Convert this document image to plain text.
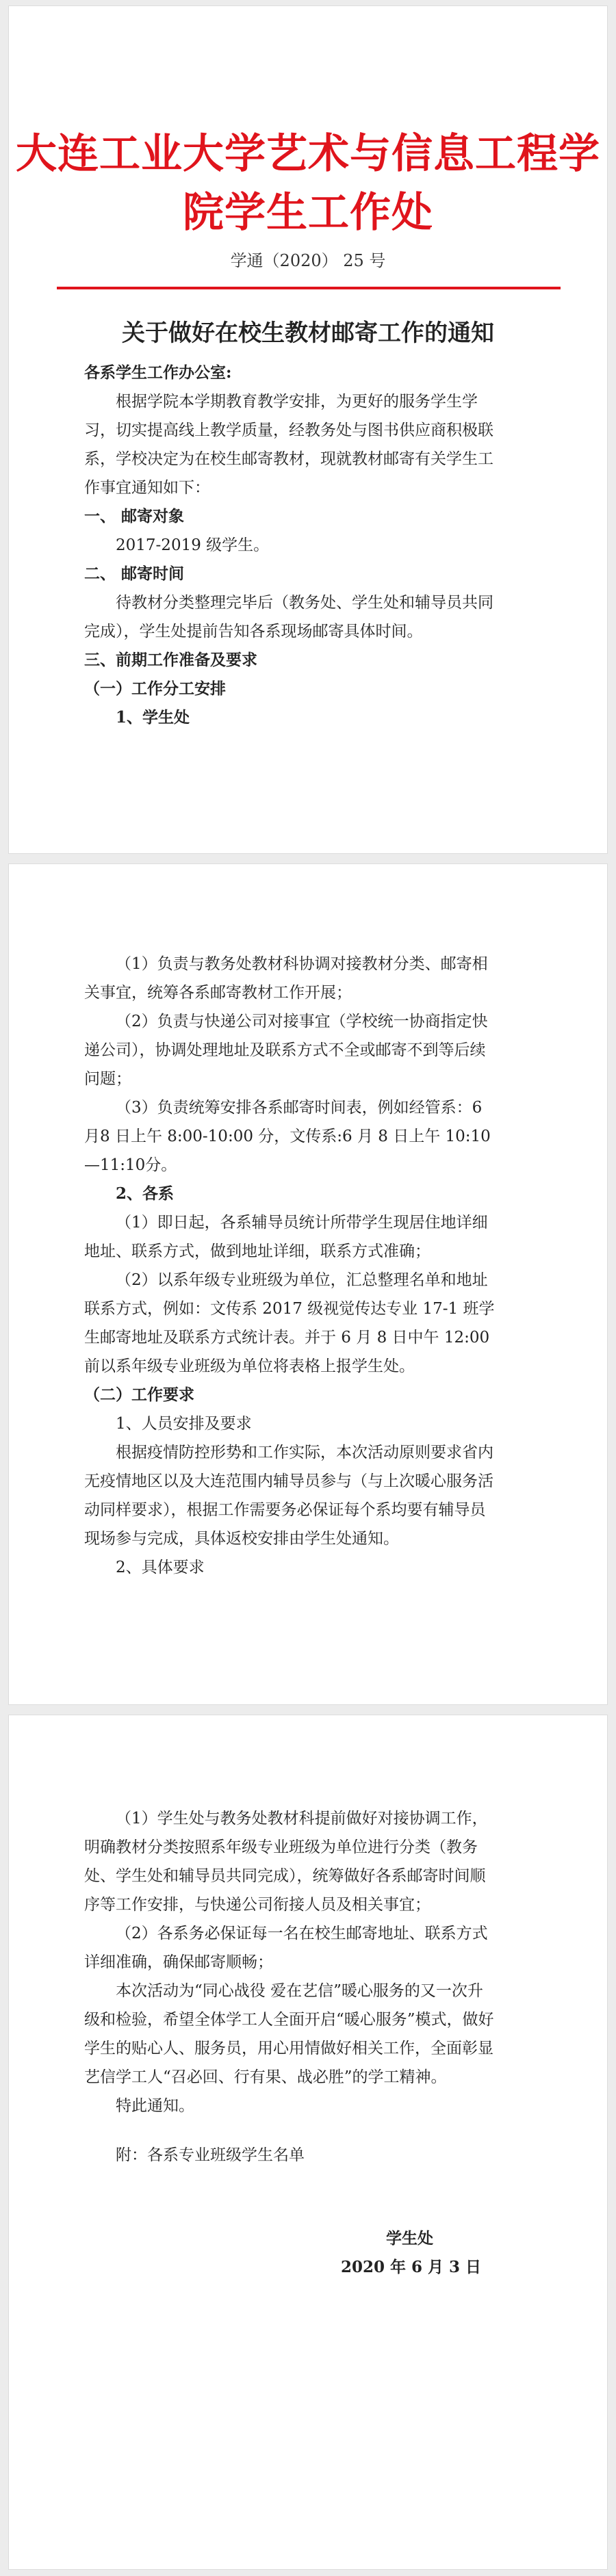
大连工业大学艺术与信息工程学院学生工作处
学通（2020） 25 号
关于做好在校生教材邮寄工作的通知

各系学生工作办公室:

根据学院本学期教育教学安排，为更好的服务学生学习，切实提高线上教学质量，经教务处与图书供应商积极联系，学校决定为在校生邮寄教材，现就教材邮寄有关学生工作事宜通知如下：

一、 邮寄对象

2017-2019 级学生。

二、 邮寄时间

待教材分类整理完毕后（教务处、学生处和辅导员共同完成），学生处提前告知各系现场邮寄具体时间。

三、前期工作准备及要求

（一）工作分工安排

1、学生处

（1）负责与教务处教材科协调对接教材分类、邮寄相关事宜，统筹各系邮寄教材工作开展；

（2）负责与快递公司对接事宜（学校统一协商指定快递公司），协调处理地址及联系方式不全或邮寄不到等后续问题；

（3）负责统筹安排各系邮寄时间表，例如经管系：6 月8 日上午 8:00-10:00 分，文传系:6 月 8 日上午 10:10—11:10分。

2、各系

（1）即日起，各系辅导员统计所带学生现居住地详细地址、联系方式，做到地址详细，联系方式准确；

（2）以系年级专业班级为单位，汇总整理名单和地址联系方式，例如：文传系 2017 级视觉传达专业 17-1 班学生邮寄地址及联系方式统计表。并于 6 月 8 日中午 12:00 前以系年级专业班级为单位将表格上报学生处。

（二）工作要求

1、人员安排及要求

根据疫情防控形势和工作实际，本次活动原则要求省内无疫情地区以及大连范围内辅导员参与（与上次暖心服务活动同样要求），根据工作需要务必保证每个系均要有辅导员现场参与完成，具体返校安排由学生处通知。

2、具体要求

（1）学生处与教务处教材科提前做好对接协调工作，明确教材分类按照系年级专业班级为单位进行分类（教务处、学生处和辅导员共同完成），统筹做好各系邮寄时间顺序等工作安排，与快递公司衔接人员及相关事宜；

（2）各系务必保证每一名在校生邮寄地址、联系方式详细准确，确保邮寄顺畅；

本次活动为“同心战役 爱在艺信”暖心服务的又一次升级和检验，希望全体学工人全面开启“暖心服务”模式，做好学生的贴心人、服务员，用心用情做好相关工作，全面彰显艺信学工人“召必回、行有果、战必胜”的学工精神。

特此通知。

附：各系专业班级学生名单

学生处

2020 年 6 月 3 日
